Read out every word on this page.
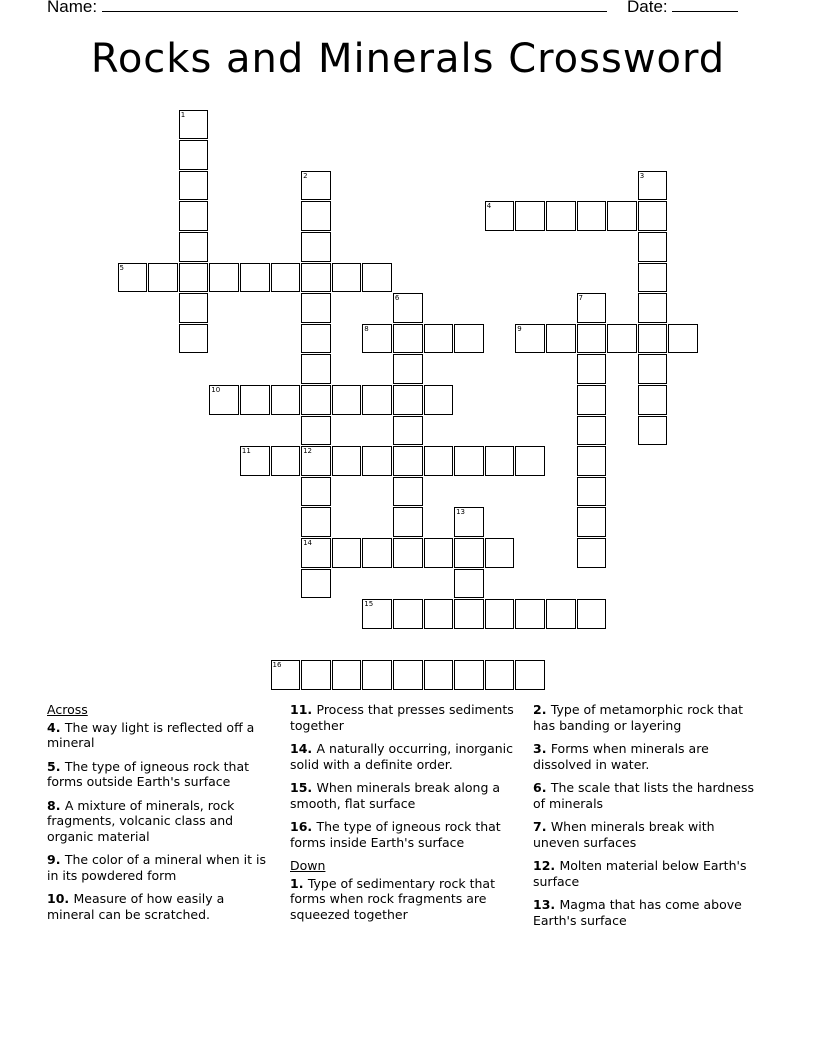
Name:	Date:
Rocks and Minerals Crossword
1
2
12
14
3
4
5
6	7
8	9
10
11
13
15
16
Across
4. The way light is reflected off a mineral
5. The type of igneous rock that forms outside Earth's surface
8. A mixture of minerals, rock fragments, volcanic class and organic material
9. The color of a mineral when it is in its powdered form
10. Measure of how easily a mineral can be scratched.
11. Process that presses sediments together
14. A naturally occurring, inorganic solid with a definite order.
15. When minerals break along a smooth, flat surface
16. The type of igneous rock that forms inside Earth's surface
Down
1. Type of sedimentary rock that forms when rock fragments are squeezed together
2. Type of metamorphic rock that has banding or layering
3. Forms when minerals are dissolved in water.
6. The scale that lists the hardness of minerals
7. When minerals break with uneven surfaces
12. Molten material below Earth's surface
13. Magma that has come above Earth's surface
